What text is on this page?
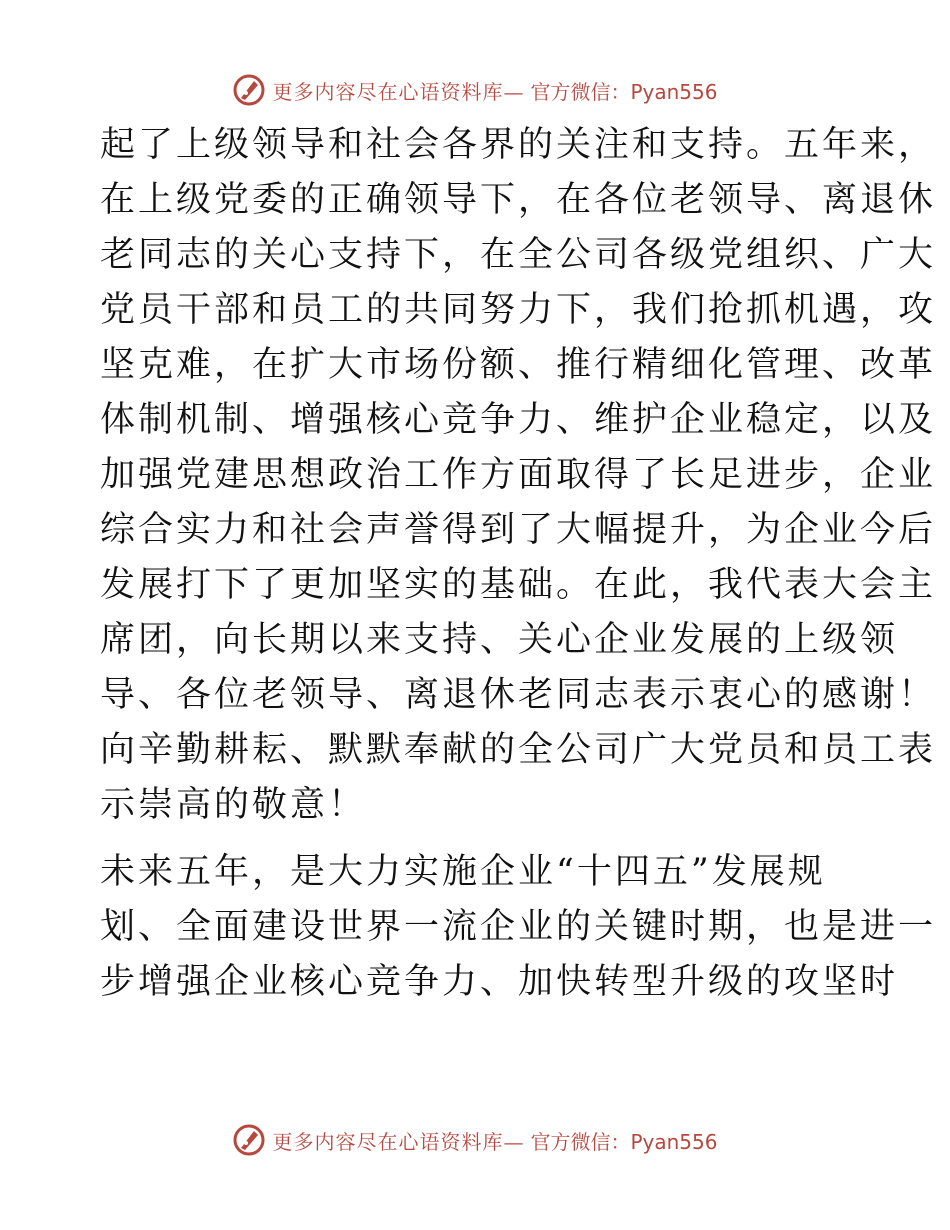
更多内容尽在心语资料库— 官方微信：Pyan556
起了上级领导和社会各界的关注和支持。五年来，
在上级党委的正确领导下，在各位老领导、离退休
老同志的关心支持下，在全公司各级党组织、广大
党员干部和员工的共同努力下，我们抢抓机遇，攻
坚克难，在扩大市场份额、推行精细化管理、改革
体制机制、增强核心竞争力、维护企业稳定，以及
加强党建思想政治工作方面取得了长足进步，企业
综合实力和社会声誉得到了大幅提升，为企业今后
发展打下了更加坚实的基础。在此，我代表大会主
席团，向长期以来支持、关心企业发展的上级领
导、各位老领导、离退休老同志表示衷心的感谢！
向辛勤耕耘、默默奉献的全公司广大党员和员工表
示崇高的敬意！
未来五年，是大力实施企业“十四五”发展规
划、全面建设世界一流企业的关键时期，也是进一
步增强企业核心竞争力、加快转型升级的攻坚时
更多内容尽在心语资料库— 官方微信：Pyan556
